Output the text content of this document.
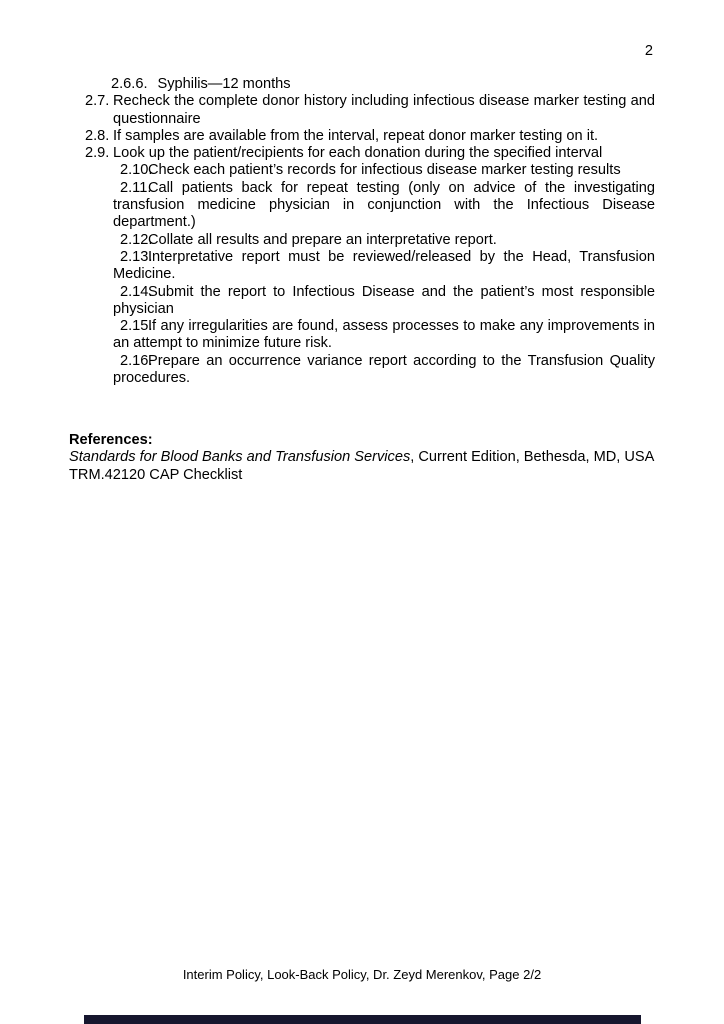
2
2.6.6. Syphilis—12 months
2.7. Recheck the complete donor history including infectious disease marker testing and questionnaire
2.8. If samples are available from the interval, repeat donor marker testing on it.
2.9. Look up the patient/recipients for each donation during the specified interval
2.10.
Check each patient’s records for infectious disease marker testing results
2.11.
Call patients back for repeat testing (only on advice of the investigating transfusion medicine physician in conjunction with the Infectious Disease department.)
2.12.
Collate all results and prepare an interpretative report.
2.13.
Interpretative report must be reviewed/released by the Head, Transfusion Medicine.
2.14.
Submit the report to Infectious Disease and the patient’s most responsible physician
2.15.
If any irregularities are found, assess processes to make any improvements in an attempt to minimize future risk.
2.16.
Prepare an occurrence variance report according to the Transfusion Quality procedures.
References:
Standards for Blood Banks and Transfusion Services, Current Edition, Bethesda, MD, USA
TRM.42120 CAP Checklist
Interim Policy, Look-Back Policy, Dr. Zeyd Merenkov, Page 2/2
